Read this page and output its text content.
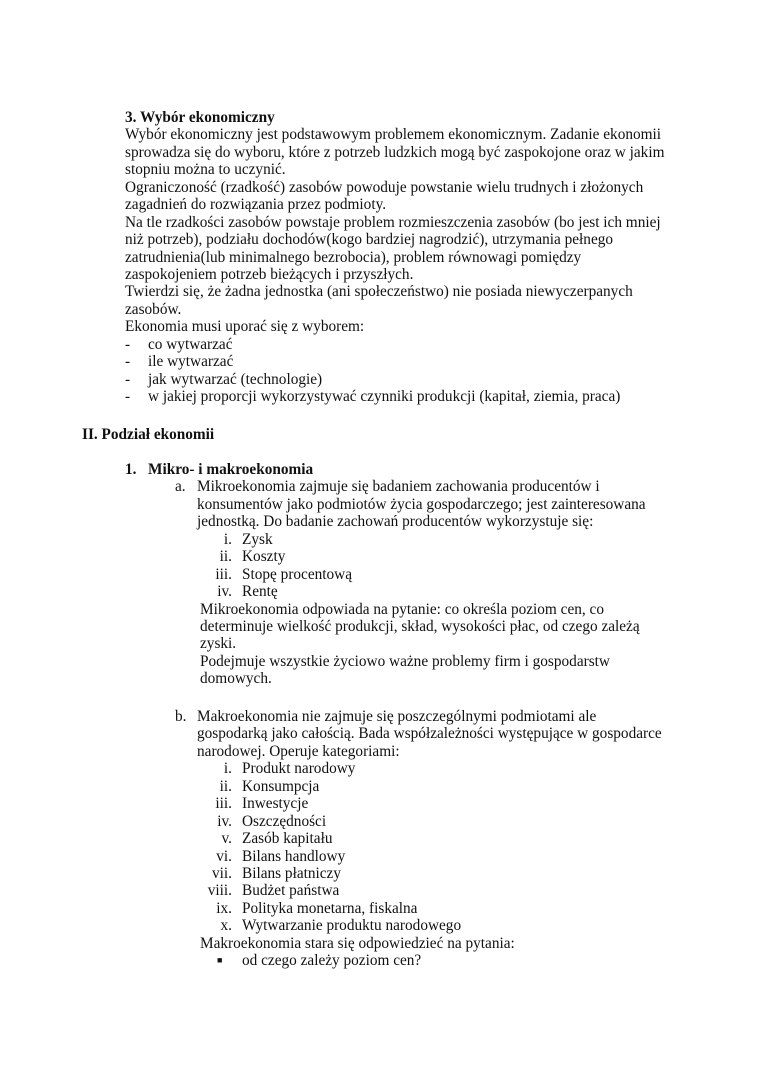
3. Wybór ekonomiczny
Wybór ekonomiczny jest podstawowym problemem ekonomicznym. Zadanie ekonomii
sprowadza się do wyboru, które z potrzeb ludzkich mogą być zaspokojone oraz w jakim
stopniu można to uczynić.
Ograniczoność (rzadkość) zasobów powoduje powstanie wielu trudnych i złożonych
zagadnień do rozwiązania przez podmioty.
Na tle rzadkości zasobów powstaje problem rozmieszczenia zasobów (bo jest ich mniej
niż potrzeb), podziału dochodów(kogo bardziej nagrodzić), utrzymania pełnego
zatrudnienia(lub minimalnego bezrobocia), problem równowagi pomiędzy
zaspokojeniem potrzeb bieżących i przyszłych.
Twierdzi się, że żadna jednostka (ani społeczeństwo) nie posiada niewyczerpanych
zasobów.
Ekonomia musi uporać się z wyborem:
- co wytwarzać
- ile wytwarzać
- jak wytwarzać (technologie)
- w jakiej proporcji wykorzystywać czynniki produkcji (kapitał, ziemia, praca)
II. Podział ekonomii
1. Mikro- i makroekonomia
a. Mikroekonomia zajmuje się badaniem zachowania producentów i
konsumentów jako podmiotów życia gospodarczego; jest zainteresowana
jednostką. Do badanie zachowań producentów wykorzystuje się:
i. Zysk
ii. Koszty
iii. Stopę procentową
iv. Rentę
Mikroekonomia odpowiada na pytanie: co określa poziom cen, co
determinuje wielkość produkcji, skład, wysokości płac, od czego zależą
zyski.
Podejmuje wszystkie życiowo ważne problemy firm i gospodarstw
domowych.
b. Makroekonomia nie zajmuje się poszczególnymi podmiotami ale
gospodarką jako całością. Bada współzależności występujące w gospodarce
narodowej. Operuje kategoriami:
i. Produkt narodowy
ii. Konsumpcja
iii. Inwestycje
iv. Oszczędności
v. Zasób kapitału
vi. Bilans handlowy
vii. Bilans płatniczy
viii. Budżet państwa
ix. Polityka monetarna, fiskalna
x. Wytwarzanie produktu narodowego
Makroekonomia stara się odpowiedzieć na pytania:
■ od czego zależy poziom cen?
